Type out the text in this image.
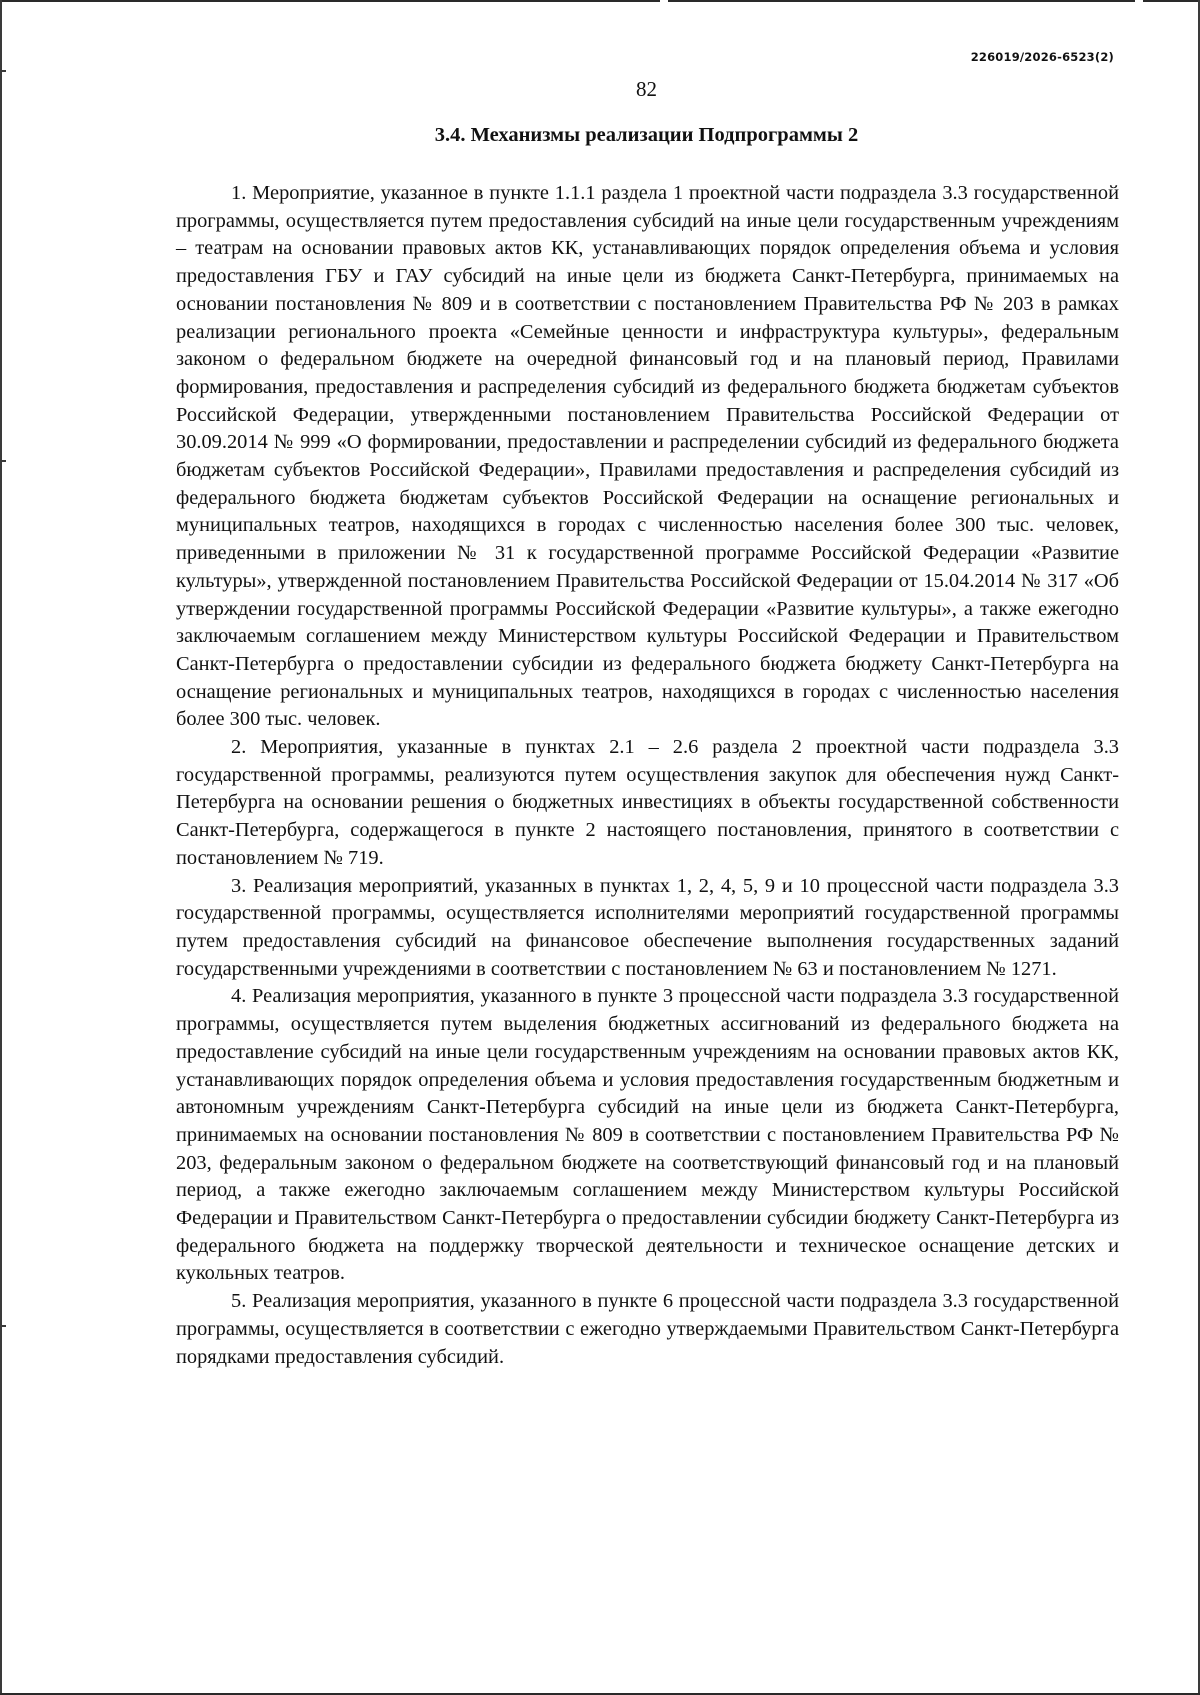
226019/2026-6523(2)
82
3.4. Механизмы реализации Подпрограммы 2

1. Мероприятие, указанное в пункте 1.1.1 раздела 1 проектной части подраздела 3.3 государственной программы, осуществляется путем предоставления субсидий на иные цели государственным учреждениям – театрам на основании правовых актов КК, устанавливающих порядок определения объема и условия предоставления ГБУ и ГАУ субсидий на иные цели из бюджета Санкт-Петербурга, принимаемых на основании постановления № 809 и в соответствии с постановлением Правительства РФ № 203 в рамках реализации регионального проекта «Семейные ценности и инфраструктура культуры», федеральным законом о федеральном бюджете на очередной финансовый год и на плановый период, Правилами формирования, предоставления и распределения субсидий из федерального бюджета бюджетам субъектов Российской Федерации, утвержденными постановлением Правительства Российской Федерации от 30.09.2014 № 999 «О формировании, предоставлении и распределении субсидий из федерального бюджета бюджетам субъектов Российской Федерации», Правилами предоставления и распределения субсидий из федерального бюджета бюджетам субъектов Российской Федерации на оснащение региональных и муниципальных театров, находящихся в городах с численностью населения более 300 тыс. человек, приведенными в приложении № 31 к государственной программе Российской Федерации «Развитие культуры», утвержденной постановлением Правительства Российской Федерации от 15.04.2014 № 317 «Об утверждении государственной программы Российской Федерации «Развитие культуры», а также ежегодно заключаемым соглашением между Министерством культуры Российской Федерации и Правительством Санкт-Петербурга о предоставлении субсидии из федерального бюджета бюджету Санкт-Петербурга на оснащение региональных и муниципальных театров, находящихся в городах с численностью населения более 300 тыс. человек.

2. Мероприятия, указанные в пунктах 2.1 – 2.6 раздела 2 проектной части подраздела 3.3 государственной программы, реализуются путем осуществления закупок для обеспечения нужд Санкт-Петербурга на основании решения о бюджетных инвестициях в объекты государственной собственности Санкт-Петербурга, содержащегося в пункте 2 настоящего постановления, принятого в соответствии с постановлением № 719.

3. Реализация мероприятий, указанных в пунктах 1, 2, 4, 5, 9 и 10 процессной части подраздела 3.3 государственной программы, осуществляется исполнителями мероприятий государственной программы путем предоставления субсидий на финансовое обеспечение выполнения государственных заданий государственными учреждениями в соответствии с постановлением № 63 и постановлением № 1271.

4. Реализация мероприятия, указанного в пункте 3 процессной части подраздела 3.3 государственной программы, осуществляется путем выделения бюджетных ассигнований из федерального бюджета на предоставление субсидий на иные цели государственным учреждениям на основании правовых актов КК, устанавливающих порядок определения объема и условия предоставления государственным бюджетным и автономным учреждениям Санкт-Петербурга субсидий на иные цели из бюджета Санкт-Петербурга, принимаемых на основании постановления № 809 в соответствии с постановлением Правительства РФ № 203, федеральным законом о федеральном бюджете на соответствующий финансовый год и на плановый период, а также ежегодно заключаемым соглашением между Министерством культуры Российской Федерации и Правительством Санкт-Петербурга о предоставлении субсидии бюджету Санкт-Петербурга из федерального бюджета на поддержку творческой деятельности и техническое оснащение детских и кукольных театров.

5. Реализация мероприятия, указанного в пункте 6 процессной части подраздела 3.3 государственной программы, осуществляется в соответствии с ежегодно утверждаемыми Правительством Санкт-Петербурга порядками предоставления субсидий.
